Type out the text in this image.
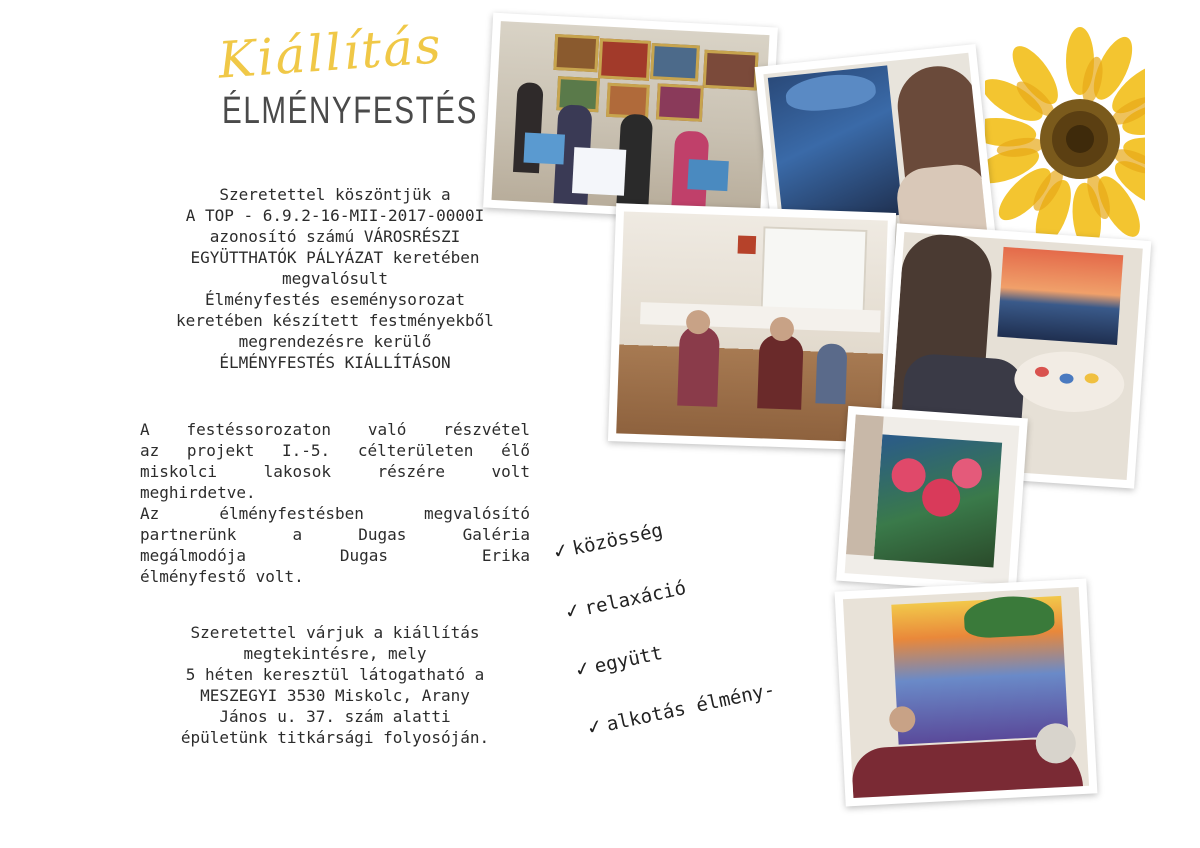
Kiállítás
ÉLMÉNYFESTÉS

Szeretettel köszöntjük a

A TOP - 6.9.2-16-MII-2017-0000I

azonosító számú VÁROSRÉSZI

EGYÜTTHATÓK PÁLYÁZAT keretében

megvalósult

Élményfestés eseménysorozat

keretében készített festményekből

megrendezésre kerülő

ÉLMÉNYFESTÉS KIÁLLÍTÁSON

A festéssorozaton való részvétel

az projekt I.-5. célterületen élő

miskolci lakosok részére volt

meghirdetve.

Az élményfestésben megvalósító

partnerünk a Dugas Galéria

megálmodója Dugas Erika

élményfestő volt.

Szeretettel várjuk a kiállítás

megtekintésre, mely

5 héten keresztül látogatható a

MESZEGYI 3530 Miskolc, Arany

János u. 37. szám alatti

épületünk titkársági folyosóján.

✓közösség
✓relaxáció
✓együtt
✓alkotás élmény-
